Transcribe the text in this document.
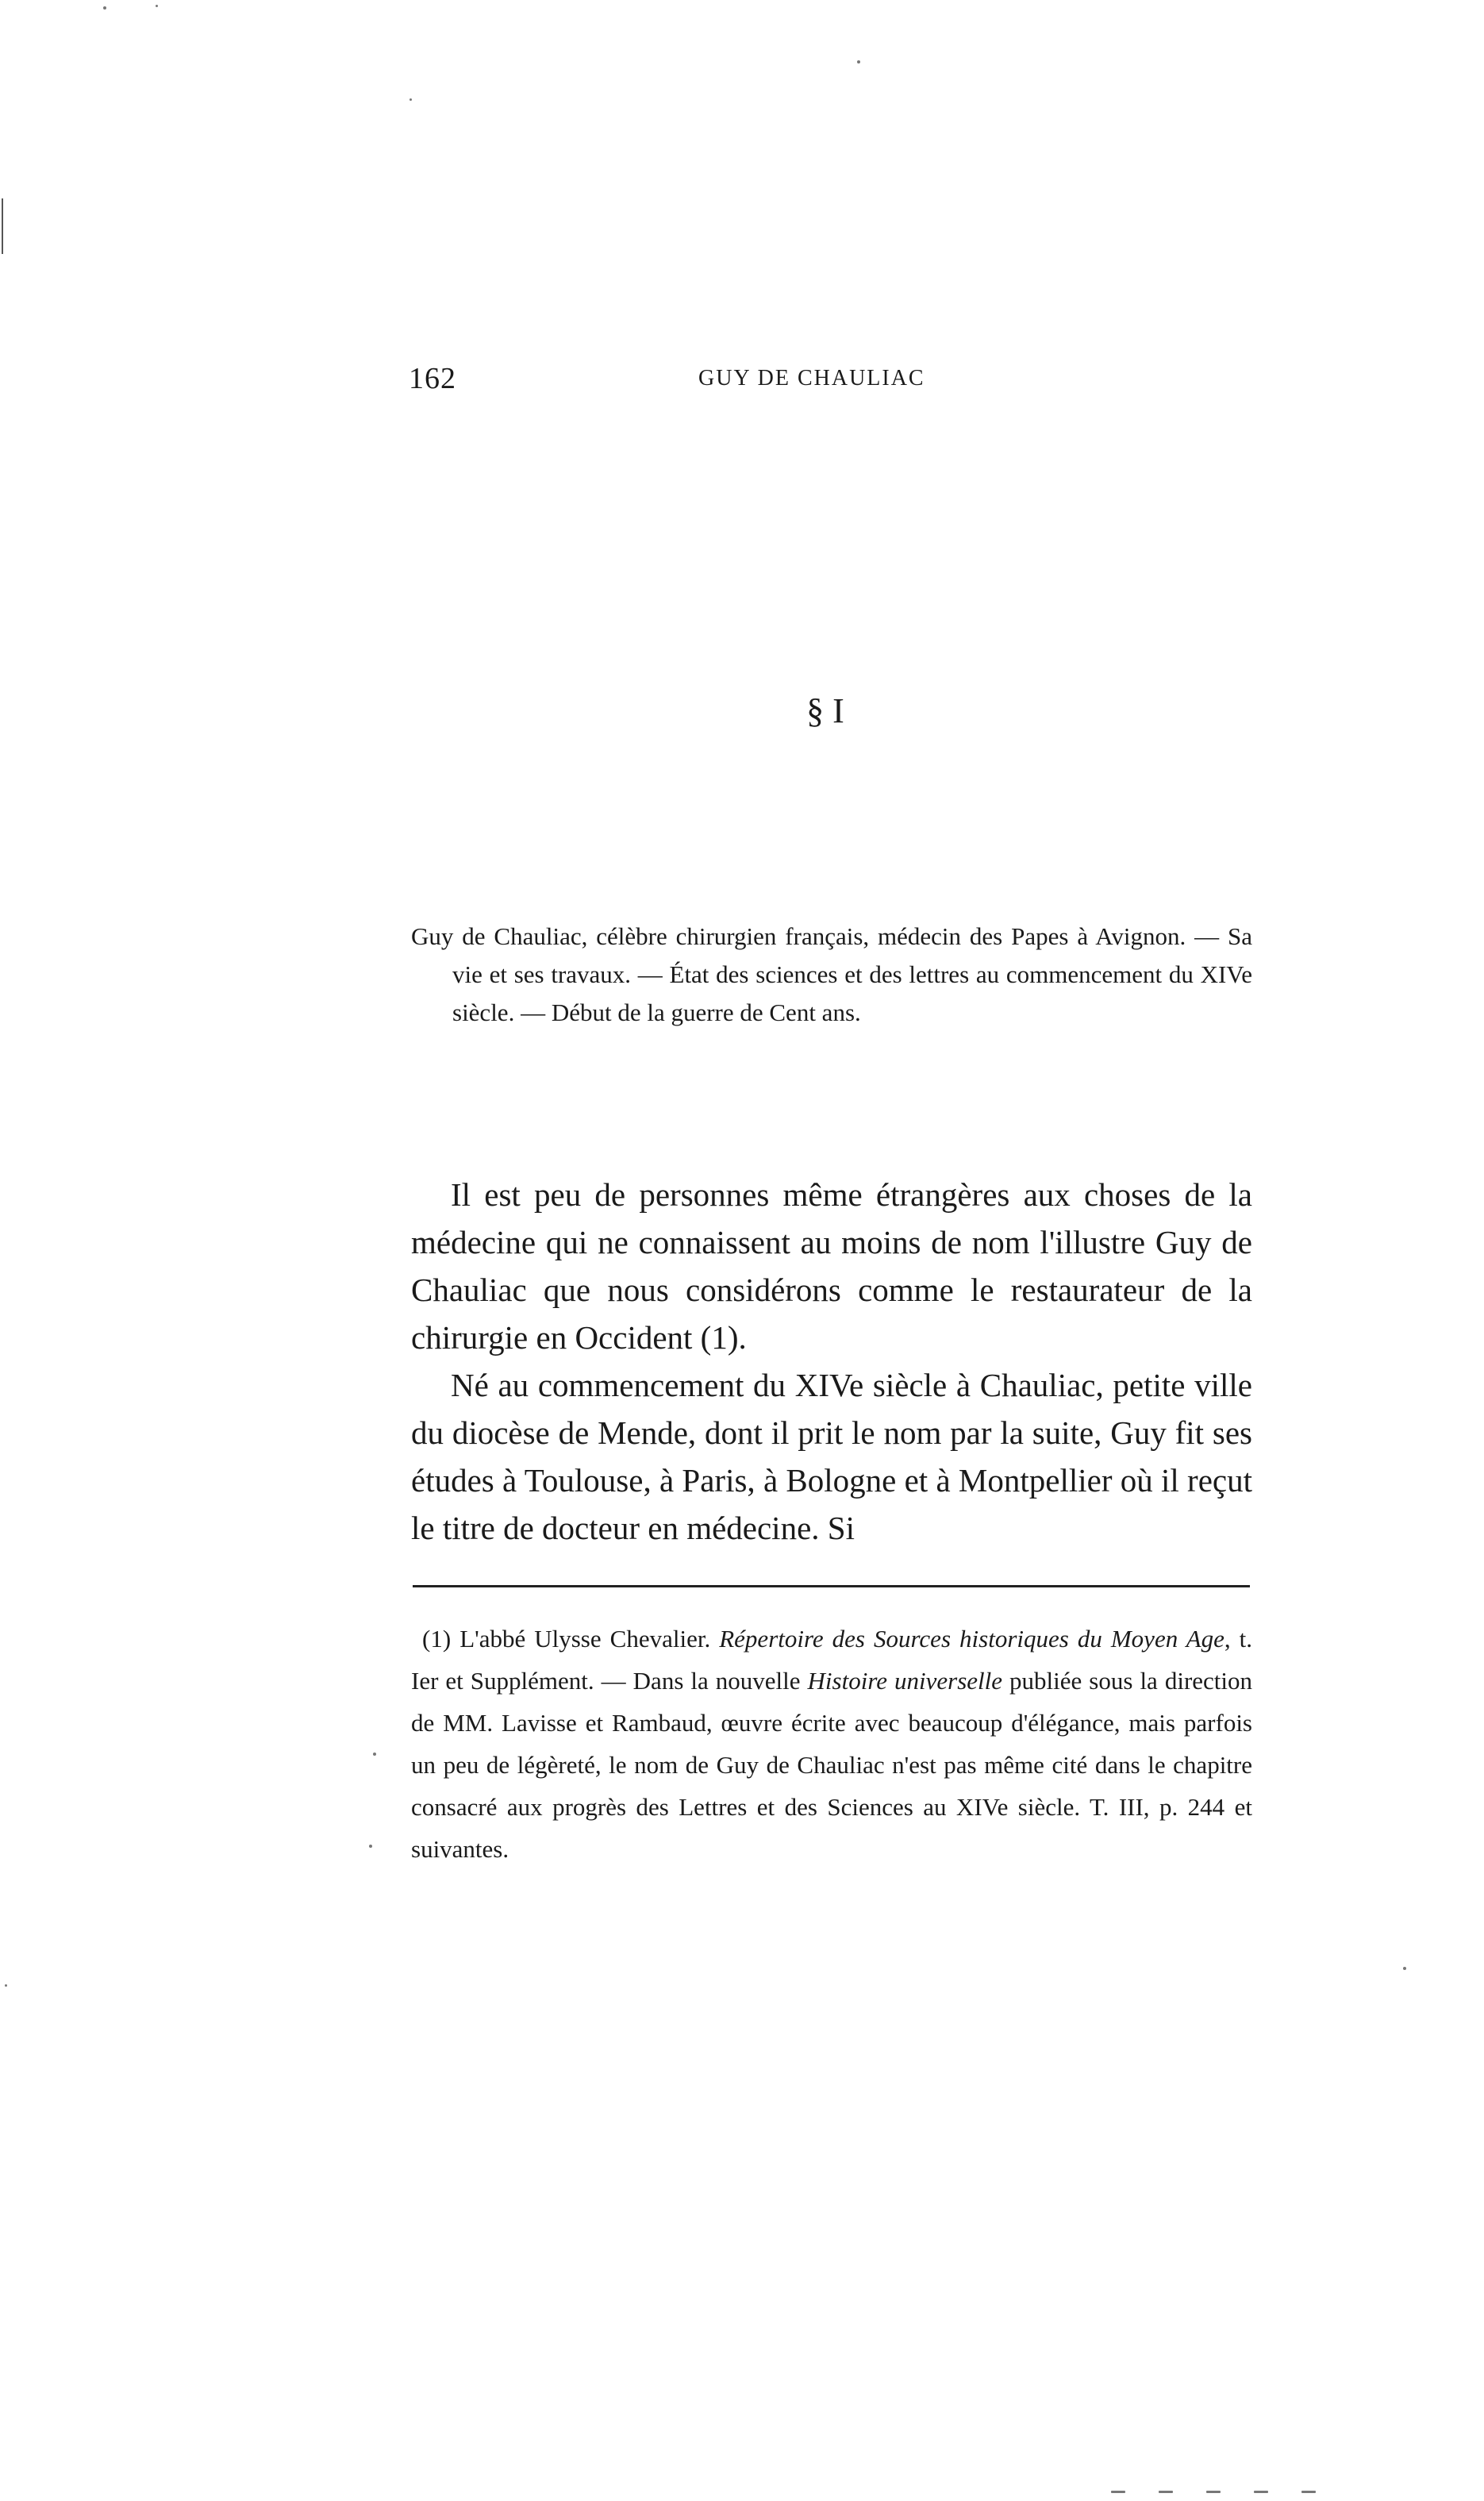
162	GUY DE CHAULIAC
§ I

Guy de Chauliac, célèbre chirurgien français, médecin des Papes à Avignon. — Sa vie et ses travaux. — État des sciences et des lettres au commencement du XIVe siècle. — Début de la guerre de Cent ans.

Il est peu de personnes même étrangères aux choses de la médecine qui ne connaissent au moins de nom l'illustre Guy de Chauliac que nous considérons comme le restaurateur de la chirurgie en Occident (1).

Né au commencement du XIVe siècle à Chauliac, petite ville du diocèse de Mende, dont il prit le nom par la suite, Guy fit ses études à Toulouse, à Paris, à Bologne et à Montpellier où il reçut le titre de docteur en médecine. Si

(1) L'abbé Ulysse Chevalier. Répertoire des Sources historiques du Moyen Age, t. Ier et Supplément. — Dans la nouvelle Histoire universelle publiée sous la direction de MM. Lavisse et Rambaud, œuvre écrite avec beaucoup d'élégance, mais parfois un peu de légèreté, le nom de Guy de Chauliac n'est pas même cité dans le chapitre consacré aux progrès des Lettres et des Sciences au XIVe siècle. T. III, p. 244 et suivantes.
